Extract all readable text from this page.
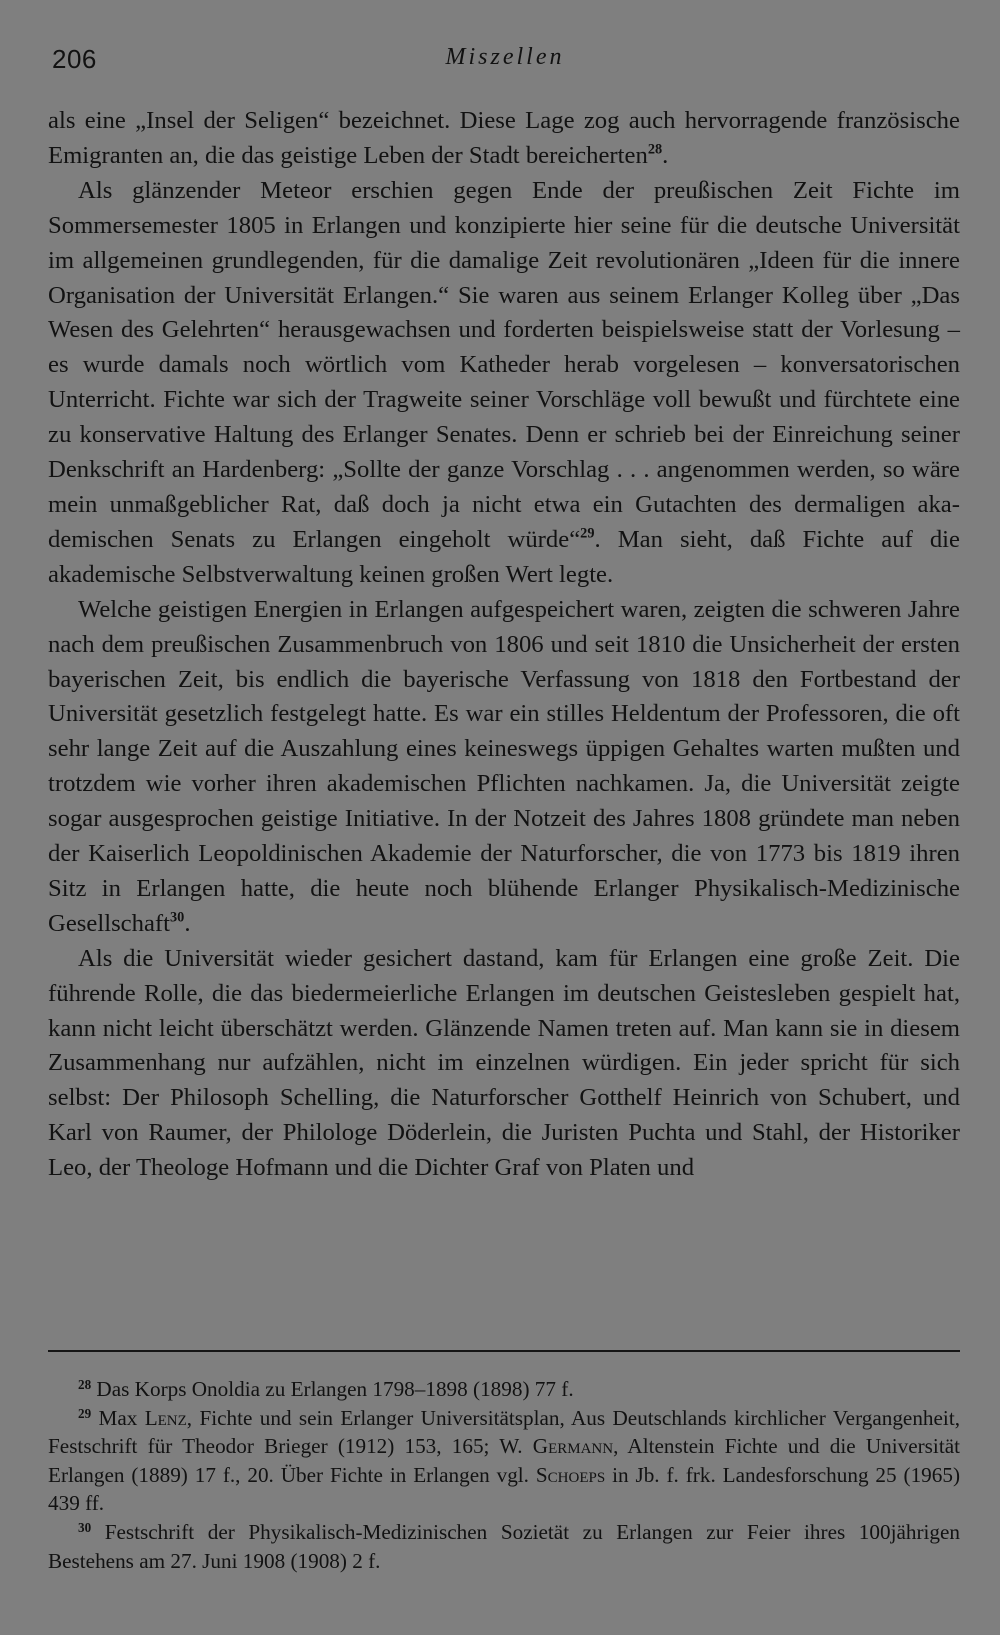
206	Miszellen

als eine „Insel der Seligen“ bezeichnet. Diese Lage zog auch hervorragende französische Emigranten an, die das geistige Leben der Stadt bereicherten$^{28}$.

Als glänzender Meteor erschien gegen Ende der preußischen Zeit Fichte im Sommersemester 1805 in Erlangen und konzipierte hier seine für die deutsche Universität im allgemeinen grundlegenden, für die damalige Zeit revolutionären „Ideen für die innere Organisation der Universität Erlangen.“ Sie waren aus seinem Erlanger Kolleg über „Das Wesen des Gelehrten“ herausgewachsen und forderten beispielsweise statt der Vorlesung – es wurde damals noch wörtlich vom Katheder herab vorgelesen – konversatorischen Unterricht. Fichte war sich der Tragweite seiner Vorschläge voll bewußt und fürchtete eine zu konservative Haltung des Erlanger Senates. Denn er schrieb bei der Einreichung seiner Denkschrift an Hardenberg: „Sollte der ganze Vorschlag . . . angenommen werden, so wäre mein unmaßgeblicher Rat, daß doch ja nicht etwa ein Gutachten des dermaligen akademischen Senats zu Erlangen eingeholt würde“$^{29}$. Man sieht, daß Fichte auf die akademische Selbstverwaltung keinen großen Wert legte.

Welche geistigen Energien in Erlangen aufgespeichert waren, zeigten die schweren Jahre nach dem preußischen Zusammenbruch von 1806 und seit 1810 die Unsicherheit der ersten bayerischen Zeit, bis endlich die bayerische Verfassung von 1818 den Fortbestand der Universität gesetzlich festgelegt hatte. Es war ein stilles Heldentum der Professoren, die oft sehr lange Zeit auf die Auszahlung eines keineswegs üppigen Gehaltes warten mußten und trotzdem wie vorher ihren akademischen Pflichten nachkamen. Ja, die Universität zeigte sogar ausgesprochen geistige Initiative. In der Notzeit des Jahres 1808 gründete man neben der Kaiserlich Leopoldinischen Akademie der Naturforscher, die von 1773 bis 1819 ihren Sitz in Erlangen hatte, die heute noch blühende Erlanger Physikalisch-Medizinische Gesellschaft$^{30}$.

Als die Universität wieder gesichert dastand, kam für Erlangen eine große Zeit. Die führende Rolle, die das biedermeierliche Erlangen im deutschen Geistesleben gespielt hat, kann nicht leicht überschätzt werden. Glänzende Namen treten auf. Man kann sie in diesem Zusammenhang nur aufzählen, nicht im einzelnen würdigen. Ein jeder spricht für sich selbst: Der Philosoph Schelling, die Naturforscher Gotthelf Heinrich von Schubert, und Karl von Raumer, der Philologe Döderlein, die Juristen Puchta und Stahl, der Historiker Leo, der Theologe Hofmann und die Dichter Graf von Platen und

$^{28}$ Das Korps Onoldia zu Erlangen 1798–1898 (1898) 77 f.

$^{29}$ Max Lenz, Fichte und sein Erlanger Universitätsplan, Aus Deutschlands kirchlicher Vergangenheit, Festschrift für Theodor Brieger (1912) 153, 165; W. Germann, Altenstein Fichte und die Universität Erlangen (1889) 17 f., 20. Über Fichte in Erlangen vgl. Schoeps in Jb. f. frk. Landesforschung 25 (1965) 439 ff.

$^{30}$ Festschrift der Physikalisch-Medizinischen Sozietät zu Erlangen zur Feier ihres 100jährigen Bestehens am 27. Juni 1908 (1908) 2 f.
